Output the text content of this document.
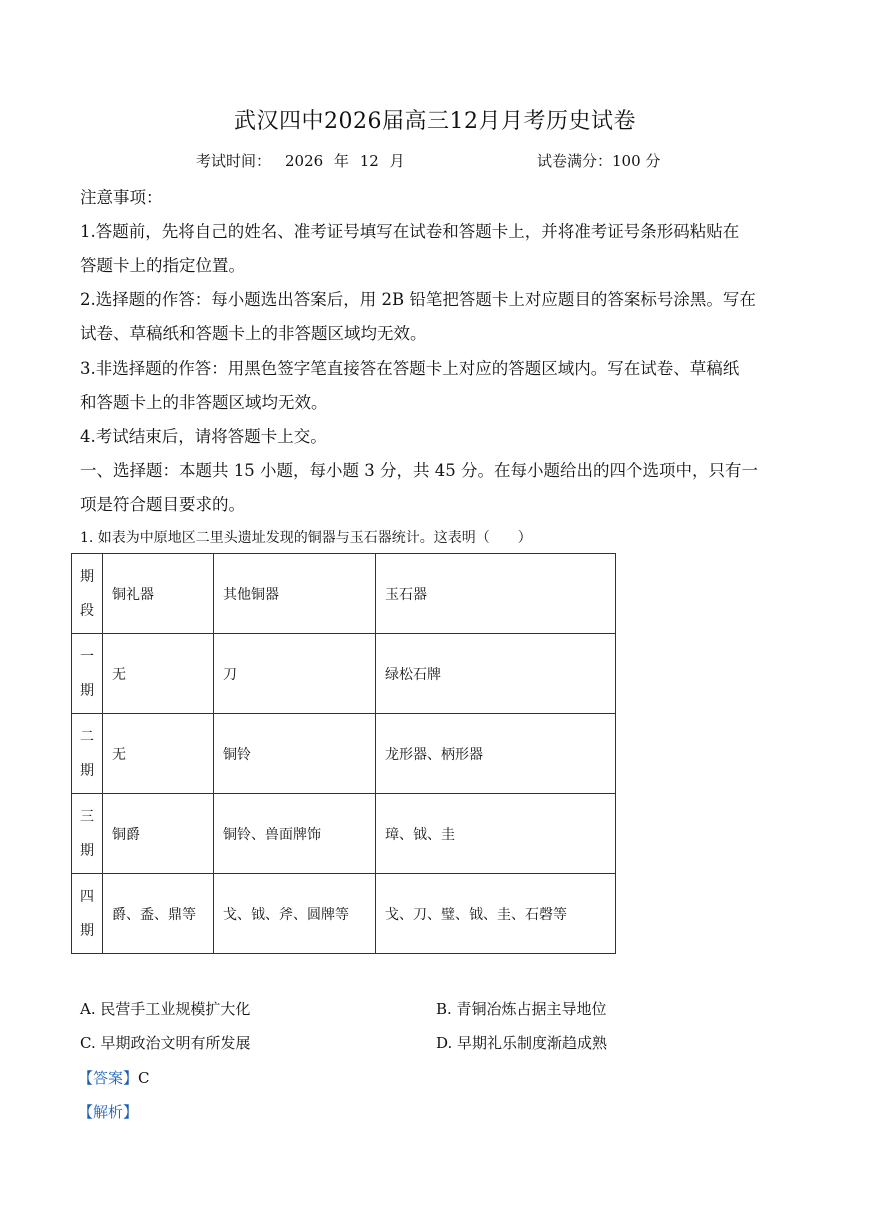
武汉四中2026届高三12月月考历史试卷
考试时间： 2026 年 12 月	试卷满分：100 分
注意事项：
1.答题前，先将自己的姓名、准考证号填写在试卷和答题卡上，并将准考证号条形码粘贴在
答题卡上的指定位置。
2.选择题的作答：每小题选出答案后，用 2B 铅笔把答题卡上对应题目的答案标号涂黑。写在
试卷、草稿纸和答题卡上的非答题区域均无效。
3.非选择题的作答：用黑色签字笔直接答在答题卡上对应的答题区域内。写在试卷、草稿纸
和答题卡上的非答题区域均无效。
4.考试结束后，请将答题卡上交。
一、选择题：本题共 15 小题，每小题 3 分，共 45 分。在每小题给出的四个选项中，只有一
项是符合题目要求的。
1. 如表为中原地区二里头遗址发现的铜器与玉石器统计。这表明（　　）
期段	铜礼器	其他铜器	玉石器
一期	无	刀	绿松石牌
二期	无	铜铃	龙形器、柄形器
三期	铜爵	铜铃、兽面牌饰	璋、钺、圭
四期	爵、盉、鼎等	戈、钺、斧、圆牌等	戈、刀、璧、钺、圭、石磬等
A. 民营手工业规模扩大化	B. 青铜冶炼占据主导地位
C. 早期政治文明有所发展	D. 早期礼乐制度渐趋成熟
【答案】C
【解析】
